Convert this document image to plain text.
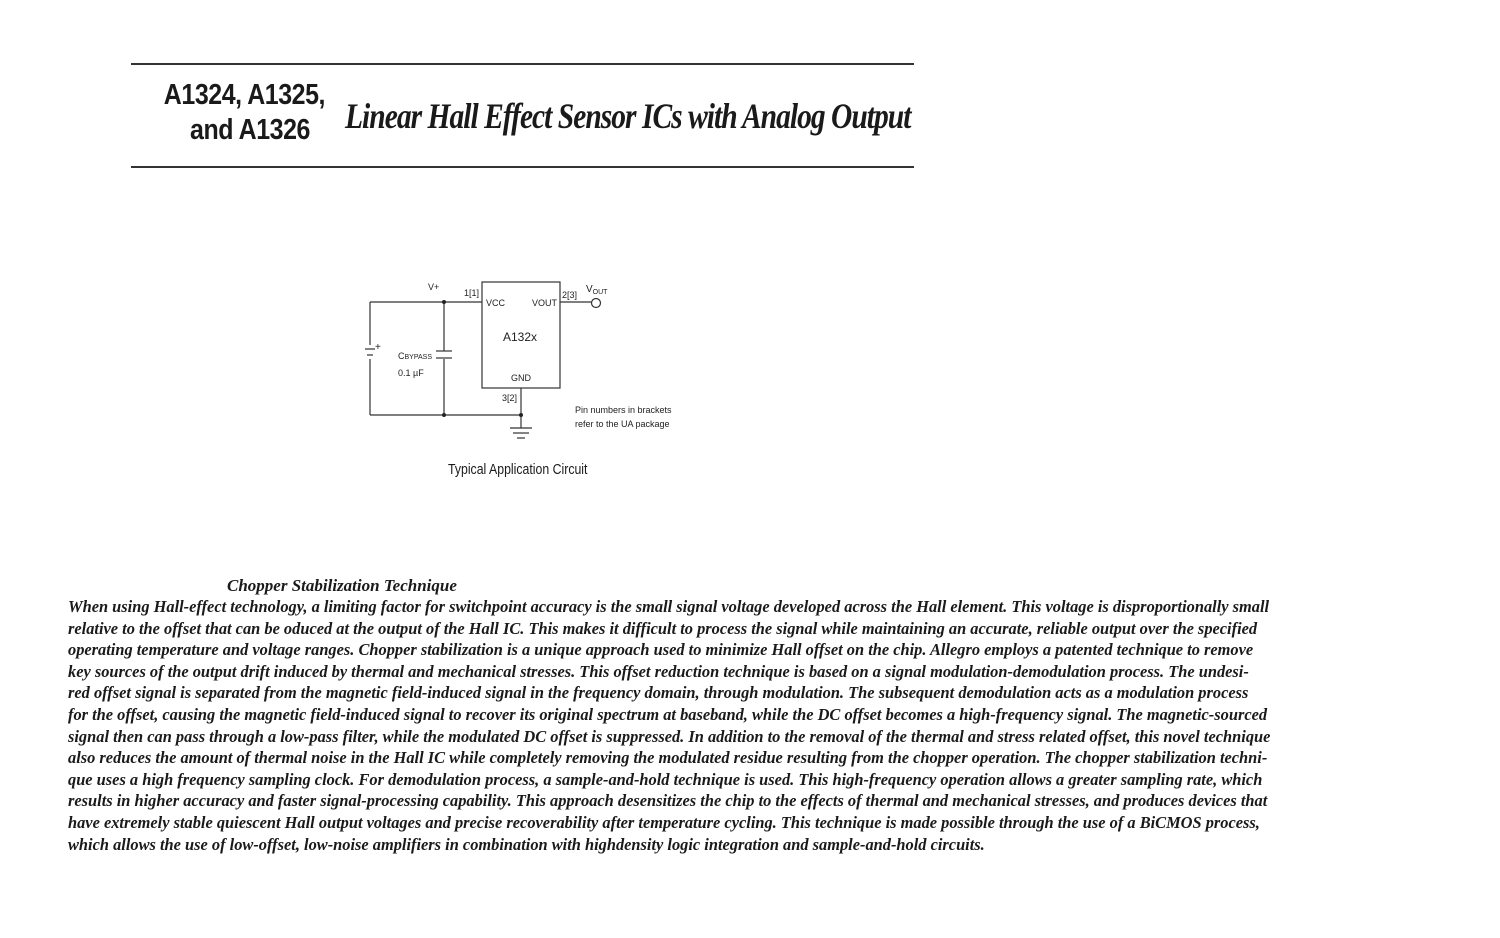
A1324, A1325,
and A1326 Linear Hall Effect Sensor ICs with Analog Output
V+
1[1]	2[3]
VCC	VOUT
A132x
GND
3[2]
$V_{OUT}$
CBYPASS
0.1 µF
+
Pin numbers in brackets
refer to the UA package
Typical Application Circuit
Chopper Stabilization Technique
When using Hall-effect technology, a limiting factor for switchpoint accuracy is the small signal voltage developed across the Hall element. This voltage is disproportionally small
relative to the offset that can be oduced at the output of the Hall IC. This makes it difficult to process the signal while maintaining an accurate, reliable output over the specified
operating temperature and voltage ranges. Chopper stabilization is a unique approach used to minimize Hall offset on the chip. Allegro employs a patented technique to remove
key sources of the output drift induced by thermal and mechanical stresses. This offset reduction technique is based on a signal modulation-demodulation process. The undesi-
red offset signal is separated from the magnetic field-induced signal in the frequency domain, through modulation. The subsequent demodulation acts as a modulation process
for the offset, causing the magnetic field-induced signal to recover its original spectrum at baseband, while the DC offset becomes a high-frequency signal. The magnetic-sourced
signal then can pass through a low-pass filter, while the modulated DC offset is suppressed. In addition to the removal of the thermal and stress related offset, this novel technique
also reduces the amount of thermal noise in the Hall IC while completely removing the modulated residue resulting from the chopper operation. The chopper stabilization techni-
que uses a high frequency sampling clock. For demodulation process, a sample-and-hold technique is used. This high-frequency operation allows a greater sampling rate, which
results in higher accuracy and faster signal-processing capability. This approach desensitizes the chip to the effects of thermal and mechanical stresses, and produces devices that
have extremely stable quiescent Hall output voltages and precise recoverability after temperature cycling. This technique is made possible through the use of a BiCMOS process,
which allows the use of low-offset, low-noise amplifiers in combination with highdensity logic integration and sample-and-hold circuits.
